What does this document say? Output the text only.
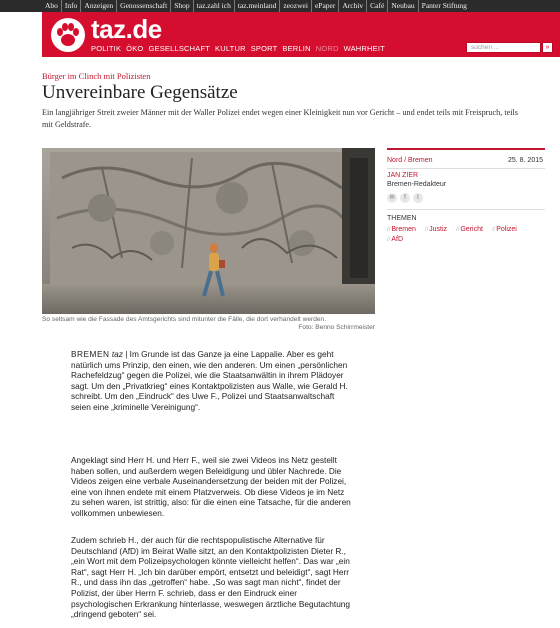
Abo Info Anzeigen Genossenschaft Shop taz.zahl ich taz.meinland zeozwei ePaper Archiv Café Neubau Panter Stiftung
taz.de
POLITIK ÖKO GESELLSCHAFT KULTUR SPORT BERLIN NORD WAHRHEIT	suchen ...	»
Bürger im Clinch mit Polizisten
Unvereinbare Gegensätze

Ein langjähriger Streit zweier Männer mit der Waller Polizei endet wegen einer Kleinigkeit nun vor Gericht – und endet teils mit Freispruch, teils mit Geldstrafe.

So seltsam wie die Fassade des Amtsgerichts sind mitunter die Fälle, die dort verhandelt werden.
Foto: Benno Schirrmeister
Nord / Bremen	25. 8. 2015
JAN ZIER
Bremen-Redakteur
✉	f	t
THEMEN
// Bremen // Justiz // Gericht // Polizei // AfD

BREMEN taz | Im Grunde ist das Ganze ja eine Lappalie. Aber es geht natürlich ums Prinzip, den einen, wie den anderen. Um einen „persönlichen Rachefeldzug“ gegen die Polizei, wie die Staatsanwältin in ihrem Plädoyer sagt. Um den „Privatkrieg“ eines Kontaktpolizisten aus Walle, wie Gerald H. schreibt. Um den „Eindruck“ des Uwe F., Polizei und Staatsanwaltschaft seien eine „kriminelle Vereinigung“.

Angeklagt sind Herr H. und Herr F., weil sie zwei Videos ins Netz gestellt haben sollen, und außerdem wegen Beleidigung und übler Nachrede. Die Videos zeigen eine verbale Auseinandersetzung der beiden mit der Polizei, eine von ihnen endete mit einem Platzverweis. Ob diese Videos je im Netz zu sehen waren, ist strittig, also: für die einen eine Tatsache, für die anderen vollkommen unbewiesen.

Zudem schrieb H., der auch für die rechtspopulistische Alternative für Deutschland (AfD) im Beirat Walle sitzt, an den Kontaktpolizisten Dieter R., „ein Wort mit dem Polizeipsychologen könnte vielleicht helfen“. Das war „ein Rat“, sagt Herr H. „Ich bin darüber empört, entsetzt und beleidigt“, sagt Herr R., und dass ihn das „getroffen“ habe. „So was sagt man nicht“, findet der Polizist, der über Herrn F. schrieb, dass er den Eindruck einer psychologischen Erkrankung hinterlasse, weswegen ärztliche Begutachtung „dringend geboten“ sei.
